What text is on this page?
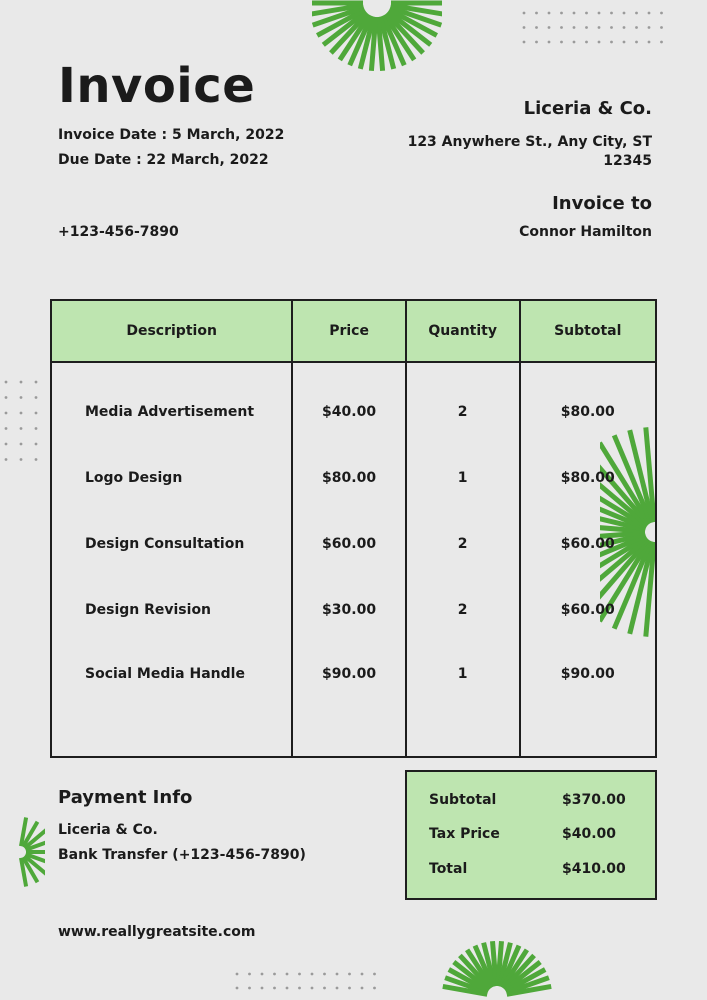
Invoice
Invoice Date : 5 March, 2022
Due Date : 22 March, 2022
+123-456-7890
Liceria & Co.
123 Anywhere St., Any City, ST 12345
Invoice to
Connor Hamilton
Description	Price	Quantity	Subtotal
Media Advertisement	$40.00	2	$80.00
Logo Design	$80.00	1	$80.00
Design Consultation	$60.00	2	$60.00
Design Revision	$30.00	2	$60.00
Social Media Handle	$90.00	1	$90.00
Payment Info
Liceria & Co.
Bank Transfer (+123-456-7890)
Subtotal	$370.00
Tax Price	$40.00
Total	$410.00
www.reallygreatsite.com
